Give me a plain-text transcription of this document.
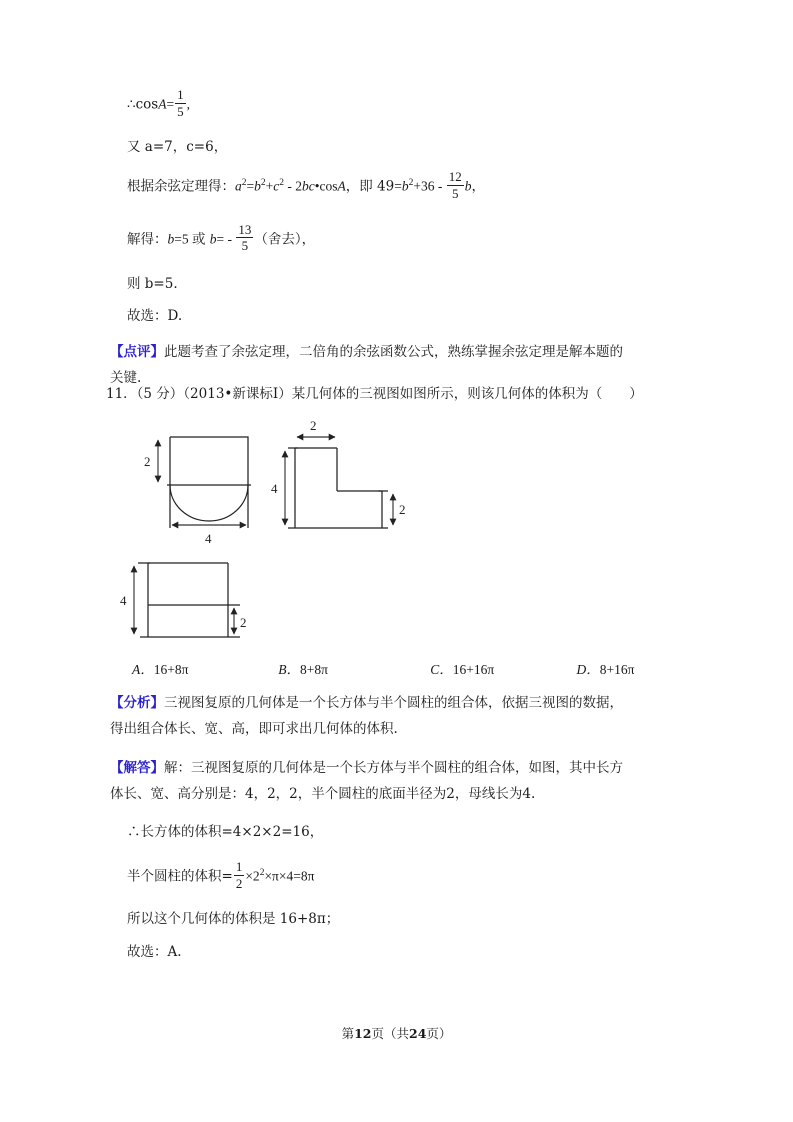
∴cosA= $\frac{1}{5}$ ,
又 a=7，c=6，
根据余弦定理得：$a^2=b^2+c^2$ - 2bc•cosA，即 $49=b^2+36 - \frac{12}{5}$ b，
解得：b=5 或 $b= - \frac{13}{5}$ （舍去），
则 b=5.
故选：D.
【点评】此题考查了余弦定理，二倍角的余弦函数公式，熟练掌握余弦定理是解本题的
关键.
11．（5 分）（2013•新课标Ⅰ）某几何体的三视图如图所示，则该几何体的体积为（　　）
2
4
2
4
2
4
2
A．16+8π	B．8+8π	C．16+16π	D．8+16π
【分析】三视图复原的几何体是一个长方体与半个圆柱的组合体，依据三视图的数据，
得出组合体长、宽、高，即可求出几何体的体积.
【解答】解：三视图复原的几何体是一个长方体与半个圆柱的组合体，如图，其中长方
体长、宽、高分别是：4，2，2，半个圆柱的底面半径为2，母线长为4.
∴长方体的体积=4×2×2=16，
半个圆柱的体积= $\frac{1}{2} \times 2^2\times\pi\times 4=8\pi$
所以这个几何体的体积是 16+8π；
故选：A.
第12页（共24页）
